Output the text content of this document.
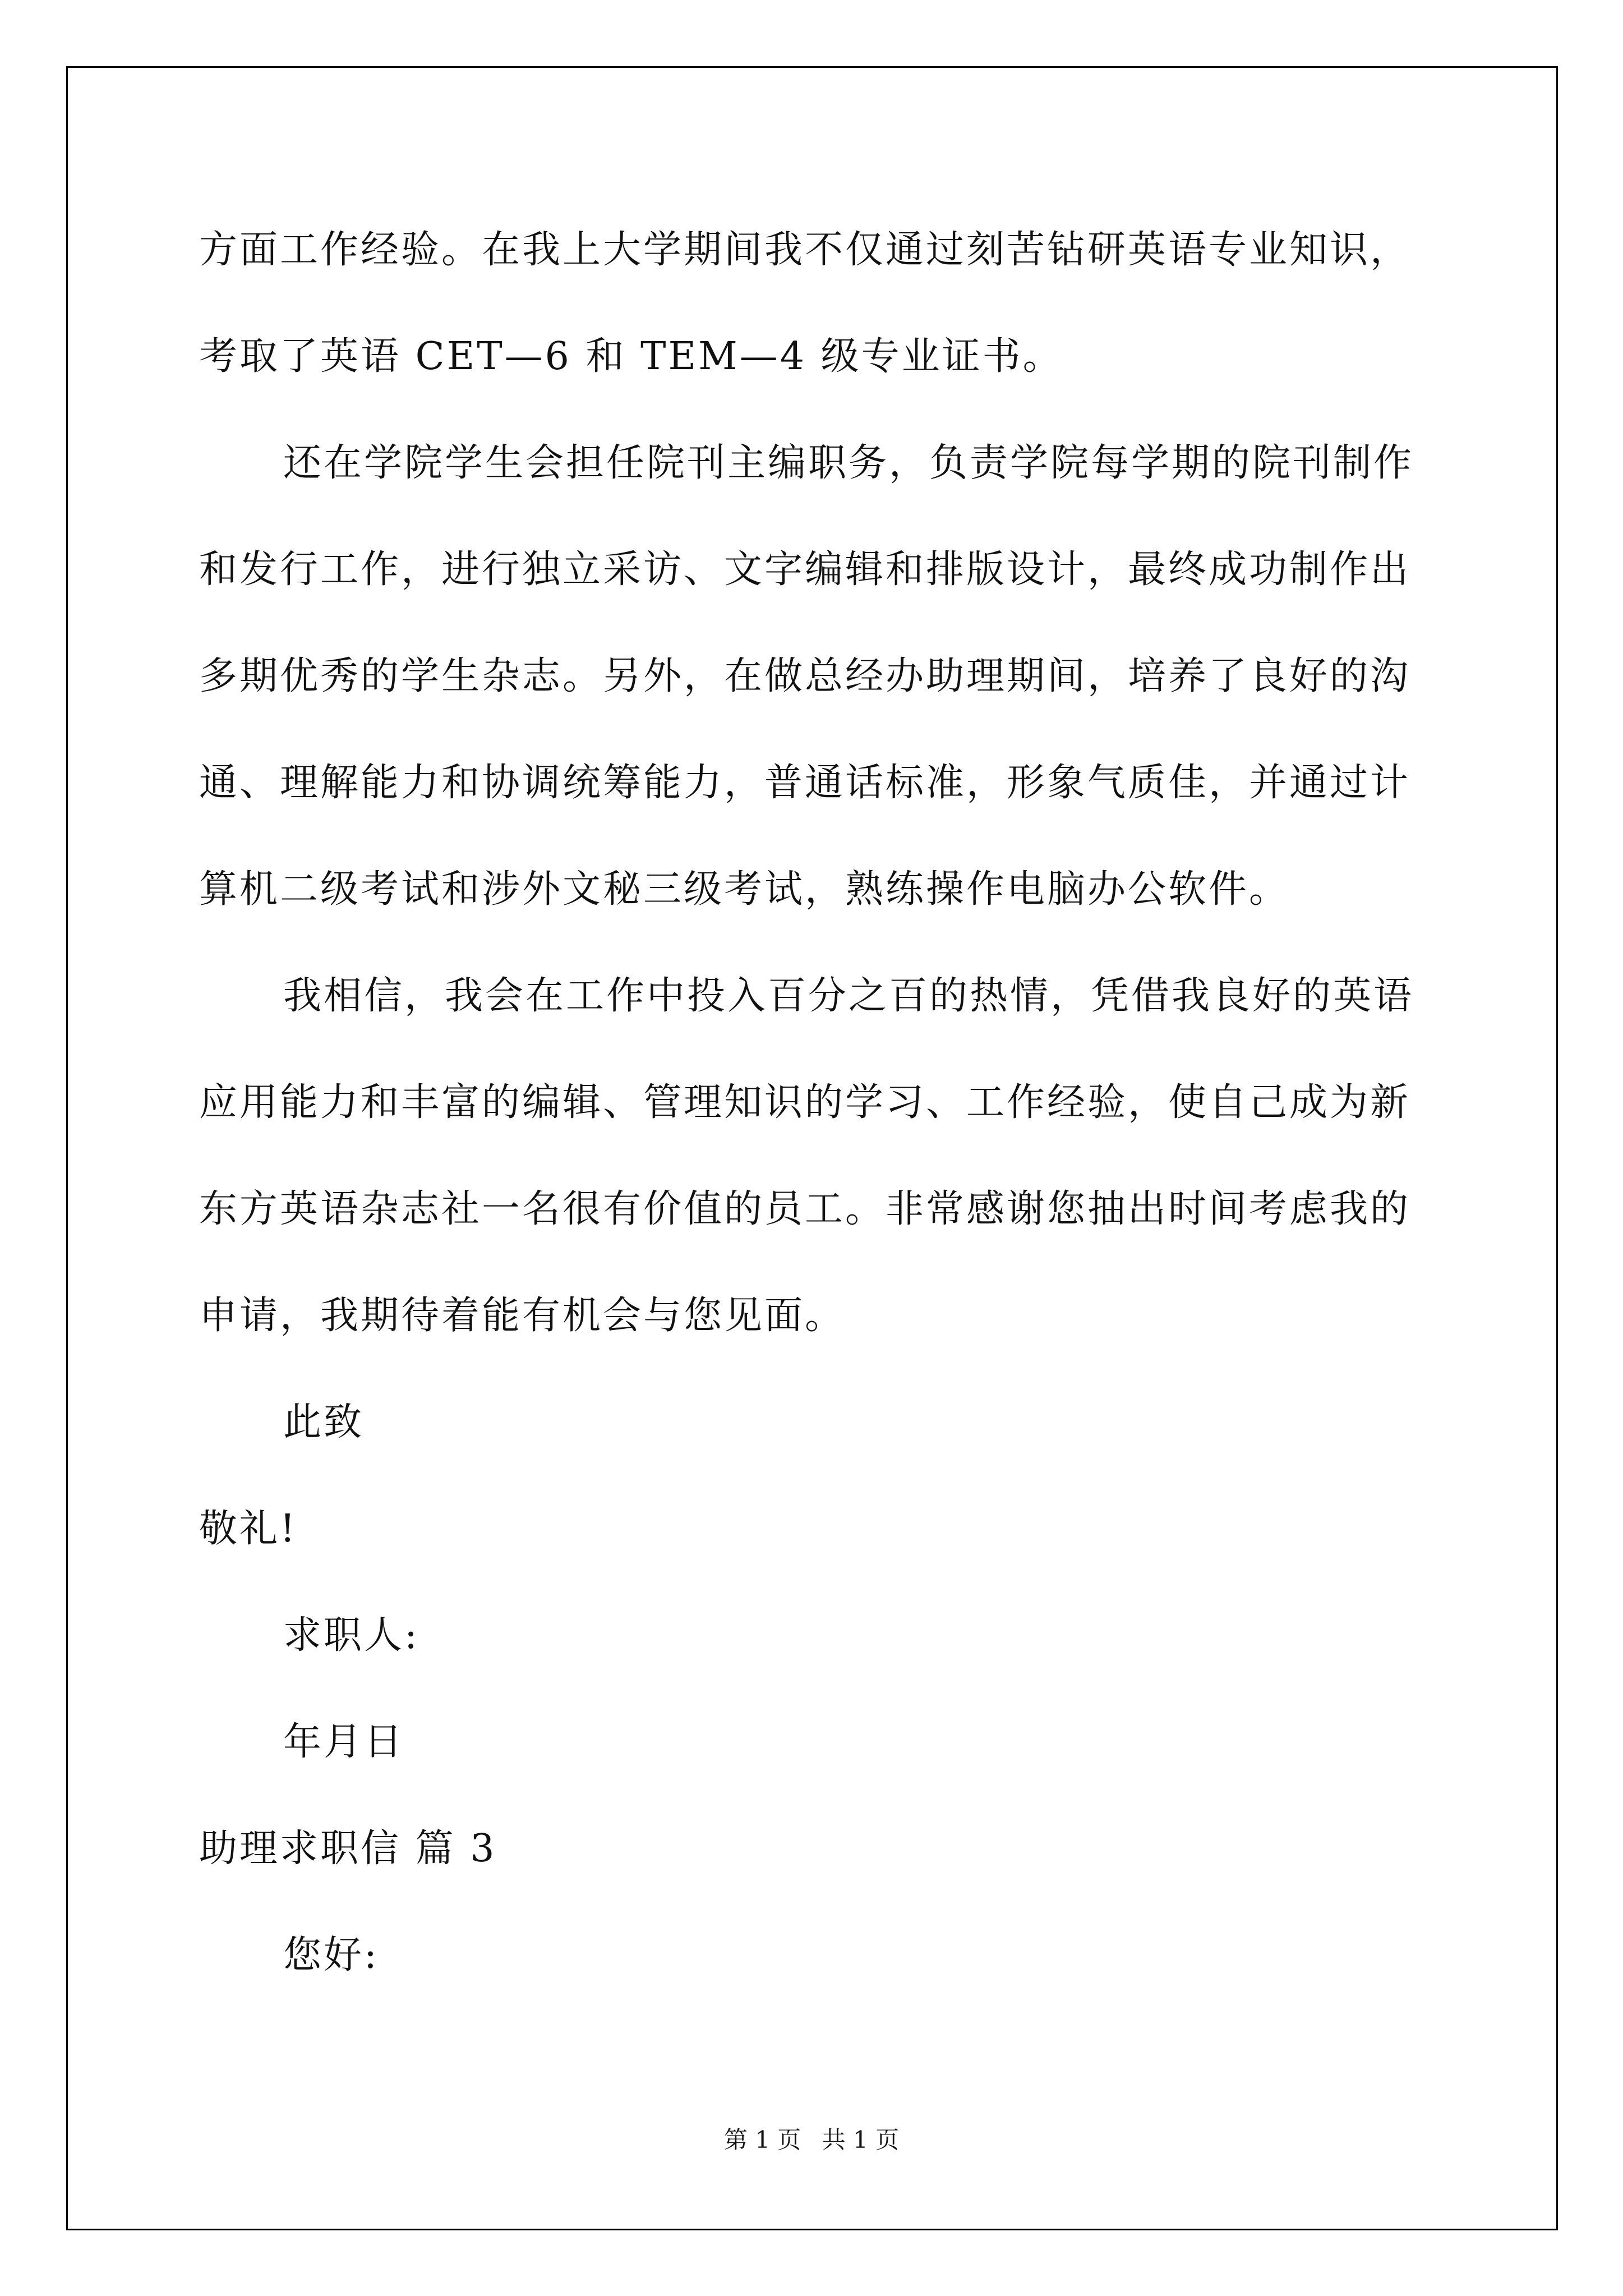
方面工作经验。在我上大学期间我不仅通过刻苦钻研英语专业知识，
考取了英语 CET—6 和 TEM—4 级专业证书。
还在学院学生会担任院刊主编职务，负责学院每学期的院刊制作
和发行工作，进行独立采访、文字编辑和排版设计，最终成功制作出
多期优秀的学生杂志。另外，在做总经办助理期间，培养了良好的沟
通、理解能力和协调统筹能力，普通话标准，形象气质佳，并通过计
算机二级考试和涉外文秘三级考试，熟练操作电脑办公软件。
我相信，我会在工作中投入百分之百的热情，凭借我良好的英语
应用能力和丰富的编辑、管理知识的学习、工作经验，使自己成为新
东方英语杂志社一名很有价值的员工。非常感谢您抽出时间考虑我的
申请，我期待着能有机会与您见面。
此致
敬礼!
求职人:
年月日
助理求职信 篇 3
您好:
第 1 页 共 1 页
